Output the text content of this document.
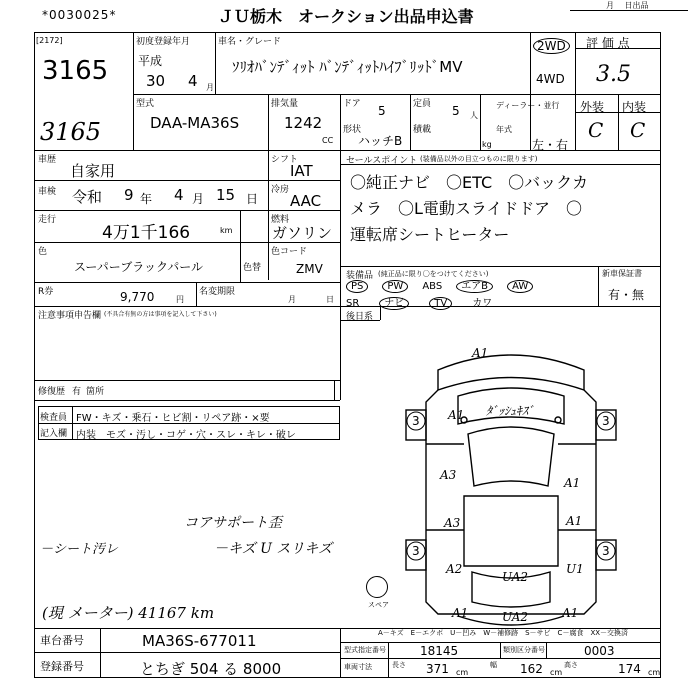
*0030025*	ＪＵ栃木　オークション出品申込書
月　 日出品
[2172]
3165
3165
初度登録年月
平成
30 4 月
車名・グレード
ｿﾘｵﾊﾞﾝﾃﾞｨｯﾄ ﾊﾞﾝﾃﾞｨｯﾄﾊｲﾌﾞﾘｯﾄﾞMV
2WD
4WD
評 価 点
3.5
型式
DAA-MA36S
排気量
1242
CC
ドア 5
形状
ハッチB
定員 5 人
積載
kg
ディーラー・並行
年式
左・右
外装 内装
C C
車歴
自家用
シフト
IAT
車検 令和 9 年 4 月 15 日
冷房
AAC
走行
4万1千166	km
燃料
ガソリン
色
スーパーブラックパール	色替
色コード
ZMV
R券	9,770	円
名変期限
月	日
注意事項申告欄 (不具合有無の方は事項を記入して下さい)
修復歴 有 箇所
検査員
記入欄
FW・キズ・乗石・ヒビ割・リペア跡・×要
内装　モズ・汚し・コゲ・穴・スレ・キレ・破レ
セールスポイント (装備品以外の目立つものに限ります)
〇純正ナビ　〇ETC　〇バックカ
メラ　〇L電動スライドドア　〇
運転席シートヒーター
装備品 (純正品に限り〇をつけてください)	新車保証書
有・無
PS PW ABS エアB AW
SR	ナビ	TV	カワ
後日系
3	3
3	3
A1
A1
A3
A3
A1
A1
A2
UA2
U1
A1	UA2	A1
ﾀﾞｯｼｭｷｽﾞ
スペア
A－キズ　E－エクボ　U－凹み　W－補修跡　S－サビ　C－腐食　XX－交換済
コアサポート歪
－キズ U スリキズ
－シート汚レ
(現 メーター) 41167 km
車台番号	MA36S-677011
登録番号	とちぎ 504 る 8000
型式指定番号	18145	類別区分番号	0003
車両寸法	長さ 371 cm
幅 162 cm
高さ	174 cm
